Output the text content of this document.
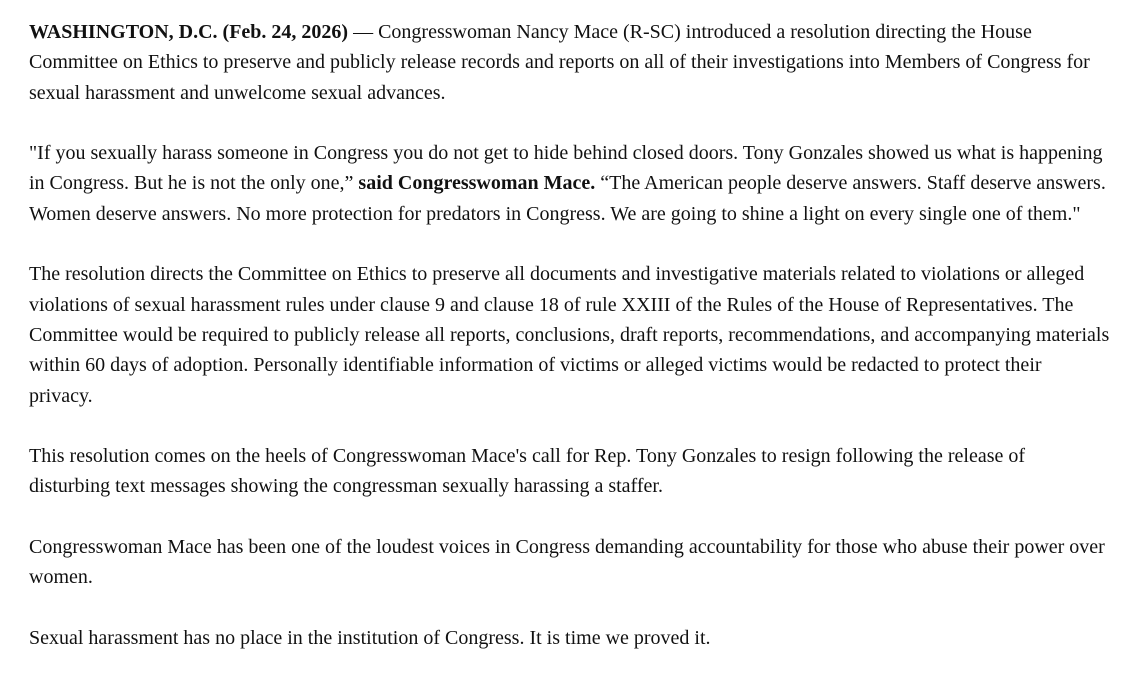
WASHINGTON, D.C. (Feb. 24, 2026) — Congresswoman Nancy Mace (R-SC) introduced a resolution directing the House Committee on Ethics to preserve and publicly release records and reports on all of their investigations into Members of Congress for sexual harassment and unwelcome sexual advances.

"If you sexually harass someone in Congress you do not get to hide behind closed doors. Tony Gonzales showed us what is happening in Congress. But he is not the only one,” said Congresswoman Mace. “The American people deserve answers. Staff deserve answers. Women deserve answers. No more protection for predators in Congress. We are going to shine a light on every single one of them."

The resolution directs the Committee on Ethics to preserve all documents and investigative materials related to violations or alleged violations of sexual harassment rules under clause 9 and clause 18 of rule XXIII of the Rules of the House of Representatives. The Committee would be required to publicly release all reports, conclusions, draft reports, recommendations, and accompanying materials within 60 days of adoption. Personally identifiable information of victims or alleged victims would be redacted to protect their privacy.

This resolution comes on the heels of Congresswoman Mace's call for Rep. Tony Gonzales to resign following the release of disturbing text messages showing the congressman sexually harassing a staffer.

Congresswoman Mace has been one of the loudest voices in Congress demanding accountability for those who abuse their power over women.

Sexual harassment has no place in the institution of Congress. It is time we proved it.
